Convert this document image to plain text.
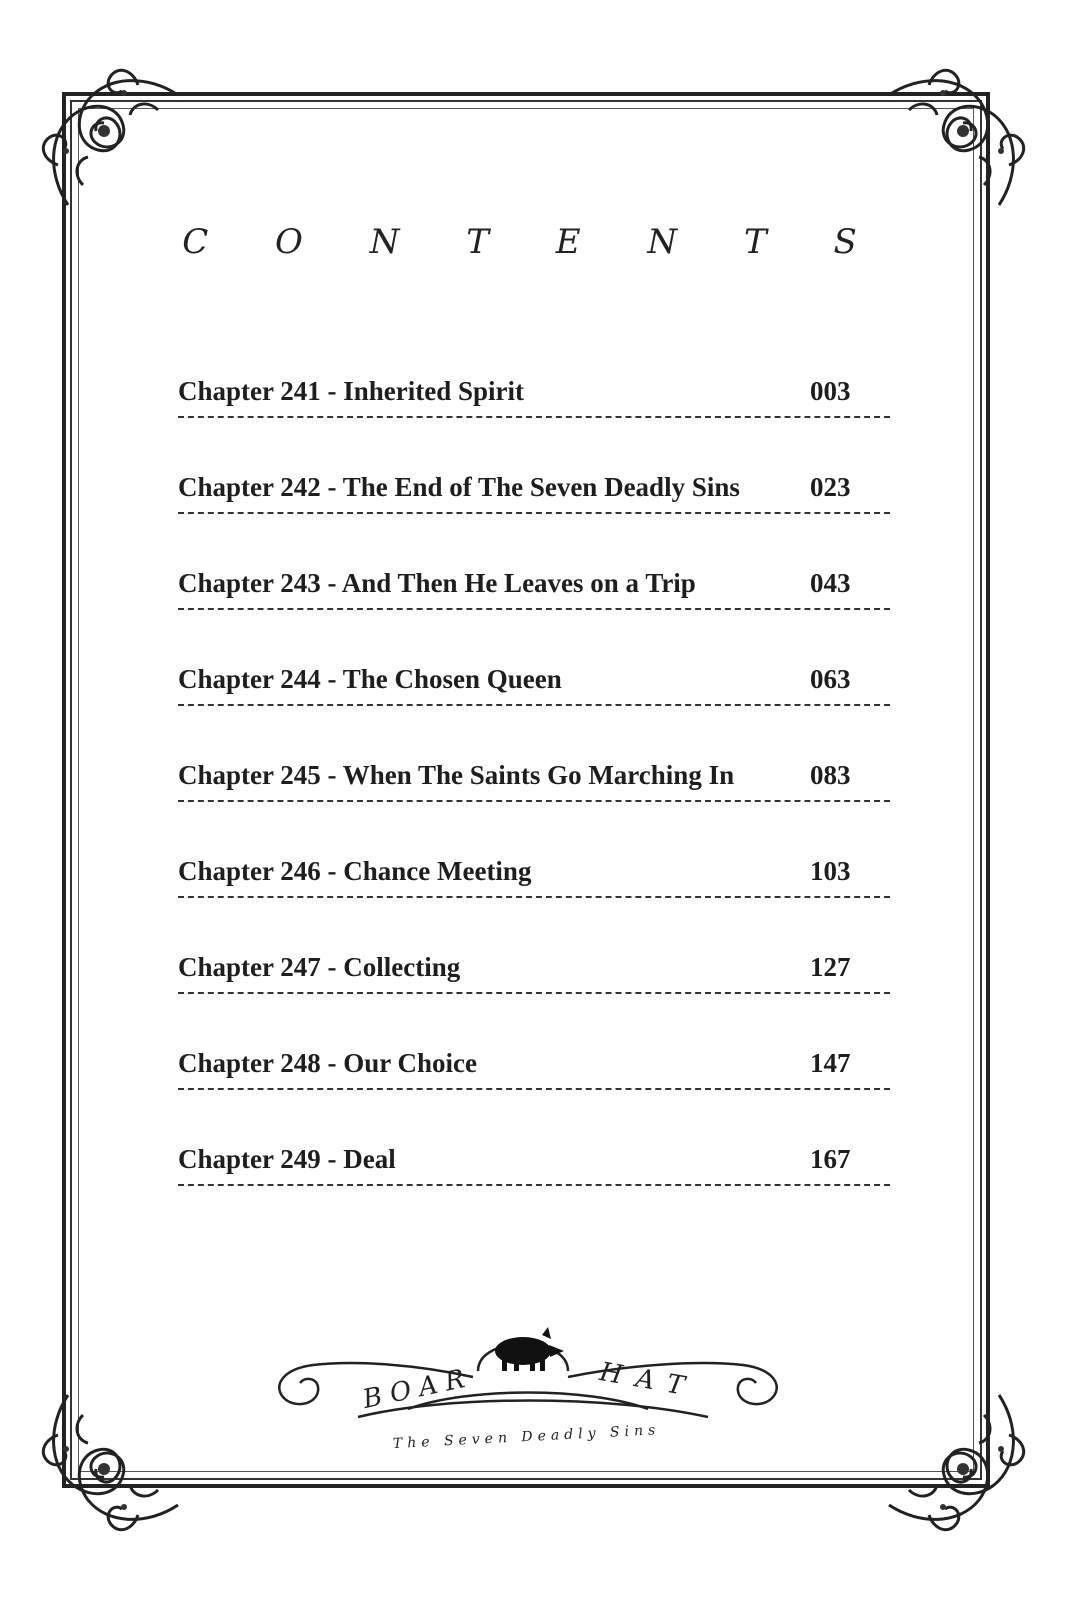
C O N T E N T S
Chapter 241 - Inherited Spirit	003
Chapter 242 - The End of The Seven Deadly Sins	023
Chapter 243 - And Then He Leaves on a Trip	043
Chapter 244 - The Chosen Queen	063
Chapter 245 - When The Saints Go Marching In	083
Chapter 246 - Chance Meeting	103
Chapter 247 - Collecting	127
Chapter 248 - Our Choice	147
Chapter 249 - Deal	167
BOAR	HAT
The Seven Deadly Sins
